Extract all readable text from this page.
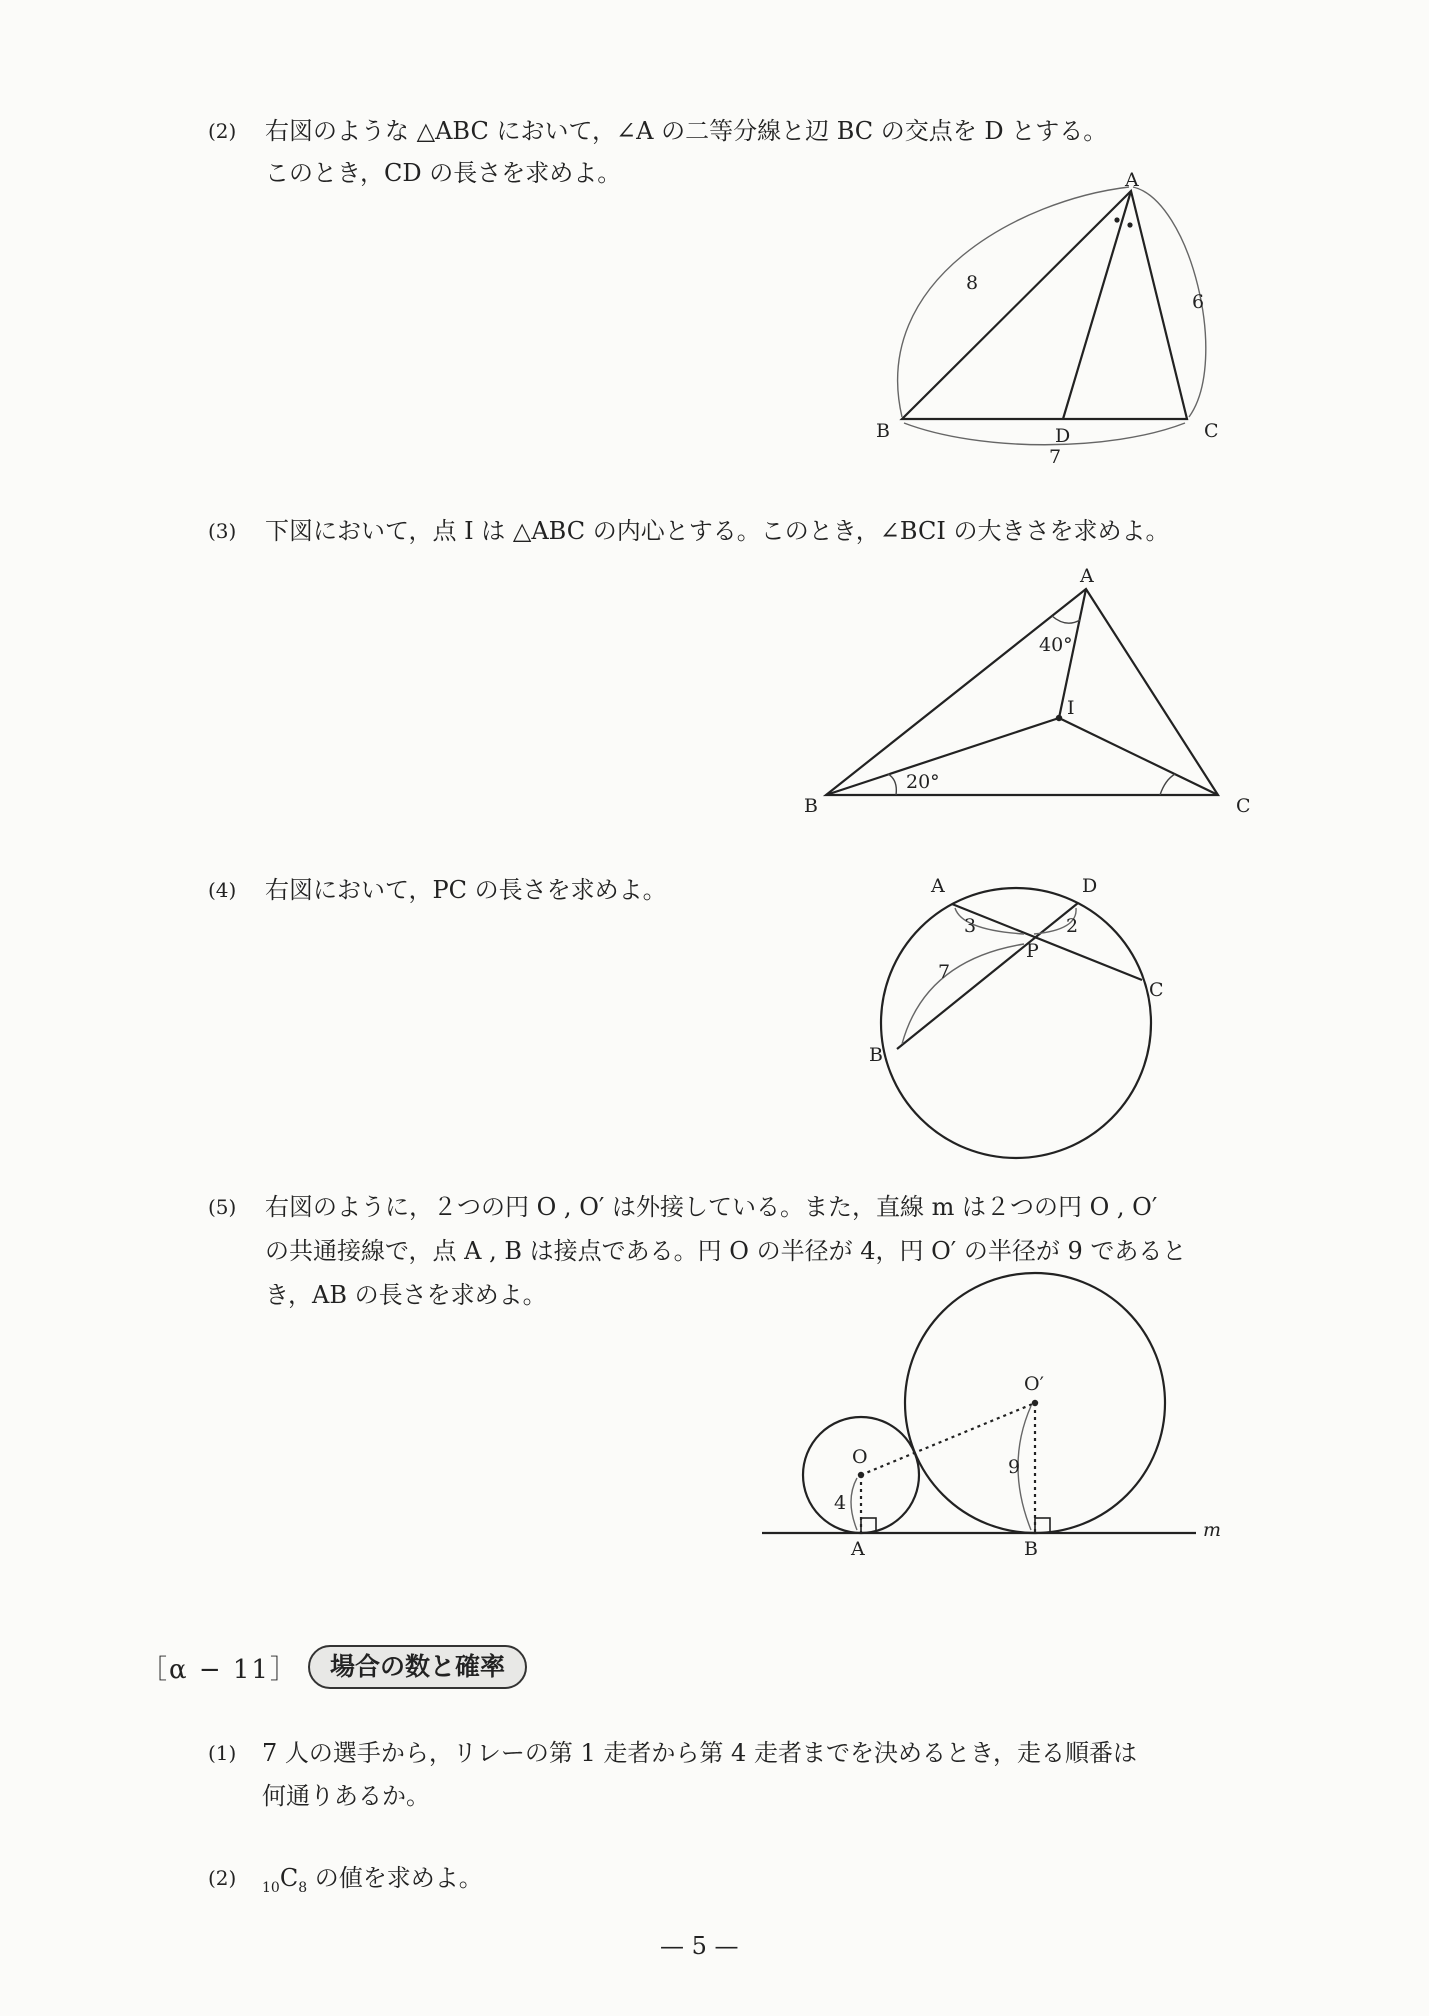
(2) 右図のような △ABC において，∠A の二等分線と辺 BC の交点を D とする。
このとき，CD の長さを求めよ。	A
B	C
D
8
6
7
(3) 下図において，点 I は △ABC の内心とする。このとき，∠BCI の大きさを求めよ。
A
B	C
I
40°
20°
(4) 右図において，PC の長さを求めよ。	A	D
P
C
B
3	2
7
(5) 右図のように，２つの円 O , O′ は外接している。また，直線 m は２つの円 O , O′
の共通接線で，点 A , B は接点である。円 O の半径が 4，円 O′ の半径が 9 であると
き，AB の長さを求めよ。
O
O′
A	B
4
9
m
［α − 11］	場合の数と確率
(1) 7 人の選手から，リレーの第 1 走者から第 4 走者までを決めるとき，走る順番は
何通りあるか。
(2) $_{10}C_8$ の値を求めよ。
— 5 —
